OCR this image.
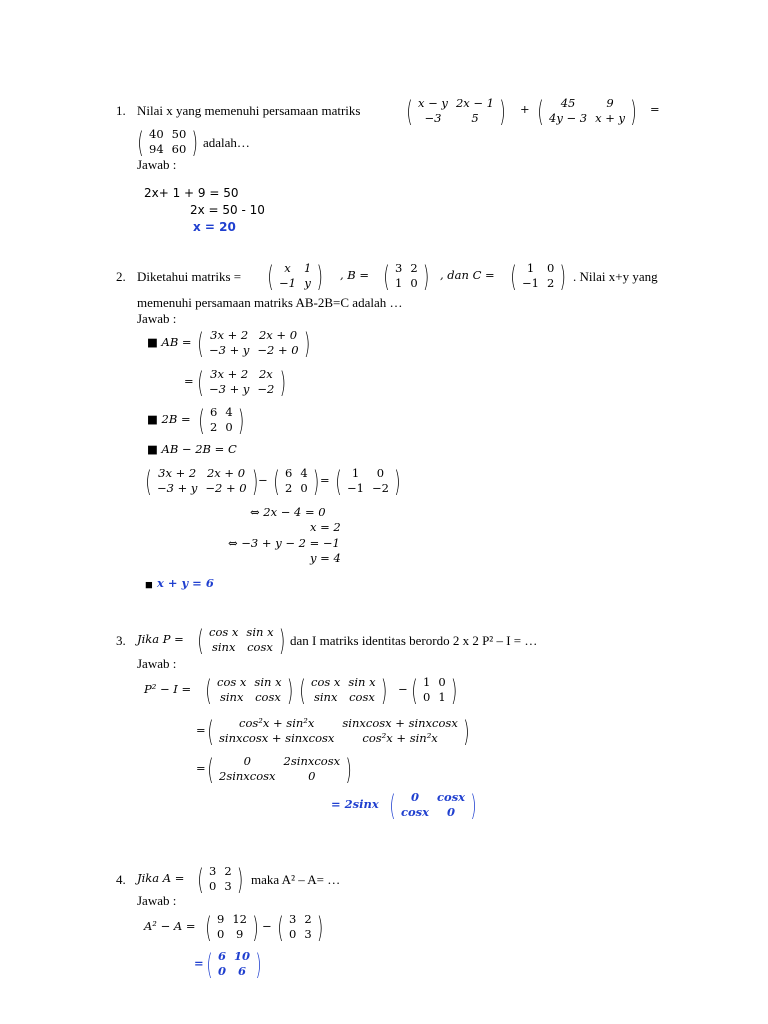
1. Nilai x yang memenuhi persamaan matriks	( x − y	2x − 1
−3	5 ) + ( 45	9
4y − 3	x + y ) =
( 40	50
94	60 ) adalah…
Jawab :
2x+ 1 + 9 = 50
2x = 50 - 10
x = 20
2. Diketahui matriks = ( x	1
−1	y ) , B = ( 3	2
1	0 ) , dan C = ( 1	0
−1	2 ) . Nilai x+y yang
memenuhi persamaan matriks AB-2B=C adalah …
Jawab :
■ AB = ( 3x + 2	2x + 0
−3 + y	−2 + 0 )
= ( 3x + 2	2x
−3 + y	−2 )
■ 2B = ( 6	4
2	0 )
■ AB − 2B = C
( 3x + 2	2x + 0
−3 + y	−2 + 0 ) − ( 6	4
2	0 ) = ( 1	0
−1	−2 )
⇔ 2x − 4 = 0
x = 2
⇔ −3 + y − 2 = −1
y = 4
■ x + y = 6
3. Jika P = ( cos x	sin x
sinx	cosx ) dan I matriks identitas berordo 2 x 2 P² – I = …
Jawab :
P² − I = ( cos x	sin x
sinx	cosx ) ( cos x	sin x
sinx	cosx ) − ( 1	0
0	1 )
= ( cos²x + sin²x	sinxcosx + sinxcosx
sinxcosx + sinxcosx	cos²x + sin²x )
= (	0	2sinxcosx
2sinxcosx	0 )
= 2sinx ( 0	cosx
cosx	0 )
4. Jika A = ( 3	2
0	3 ) maka A² – A= …
Jawab :
A² − A = ( 9	12
0	9 ) − ( 3	2
0	3 )
= ( 6	10
0	6 )
